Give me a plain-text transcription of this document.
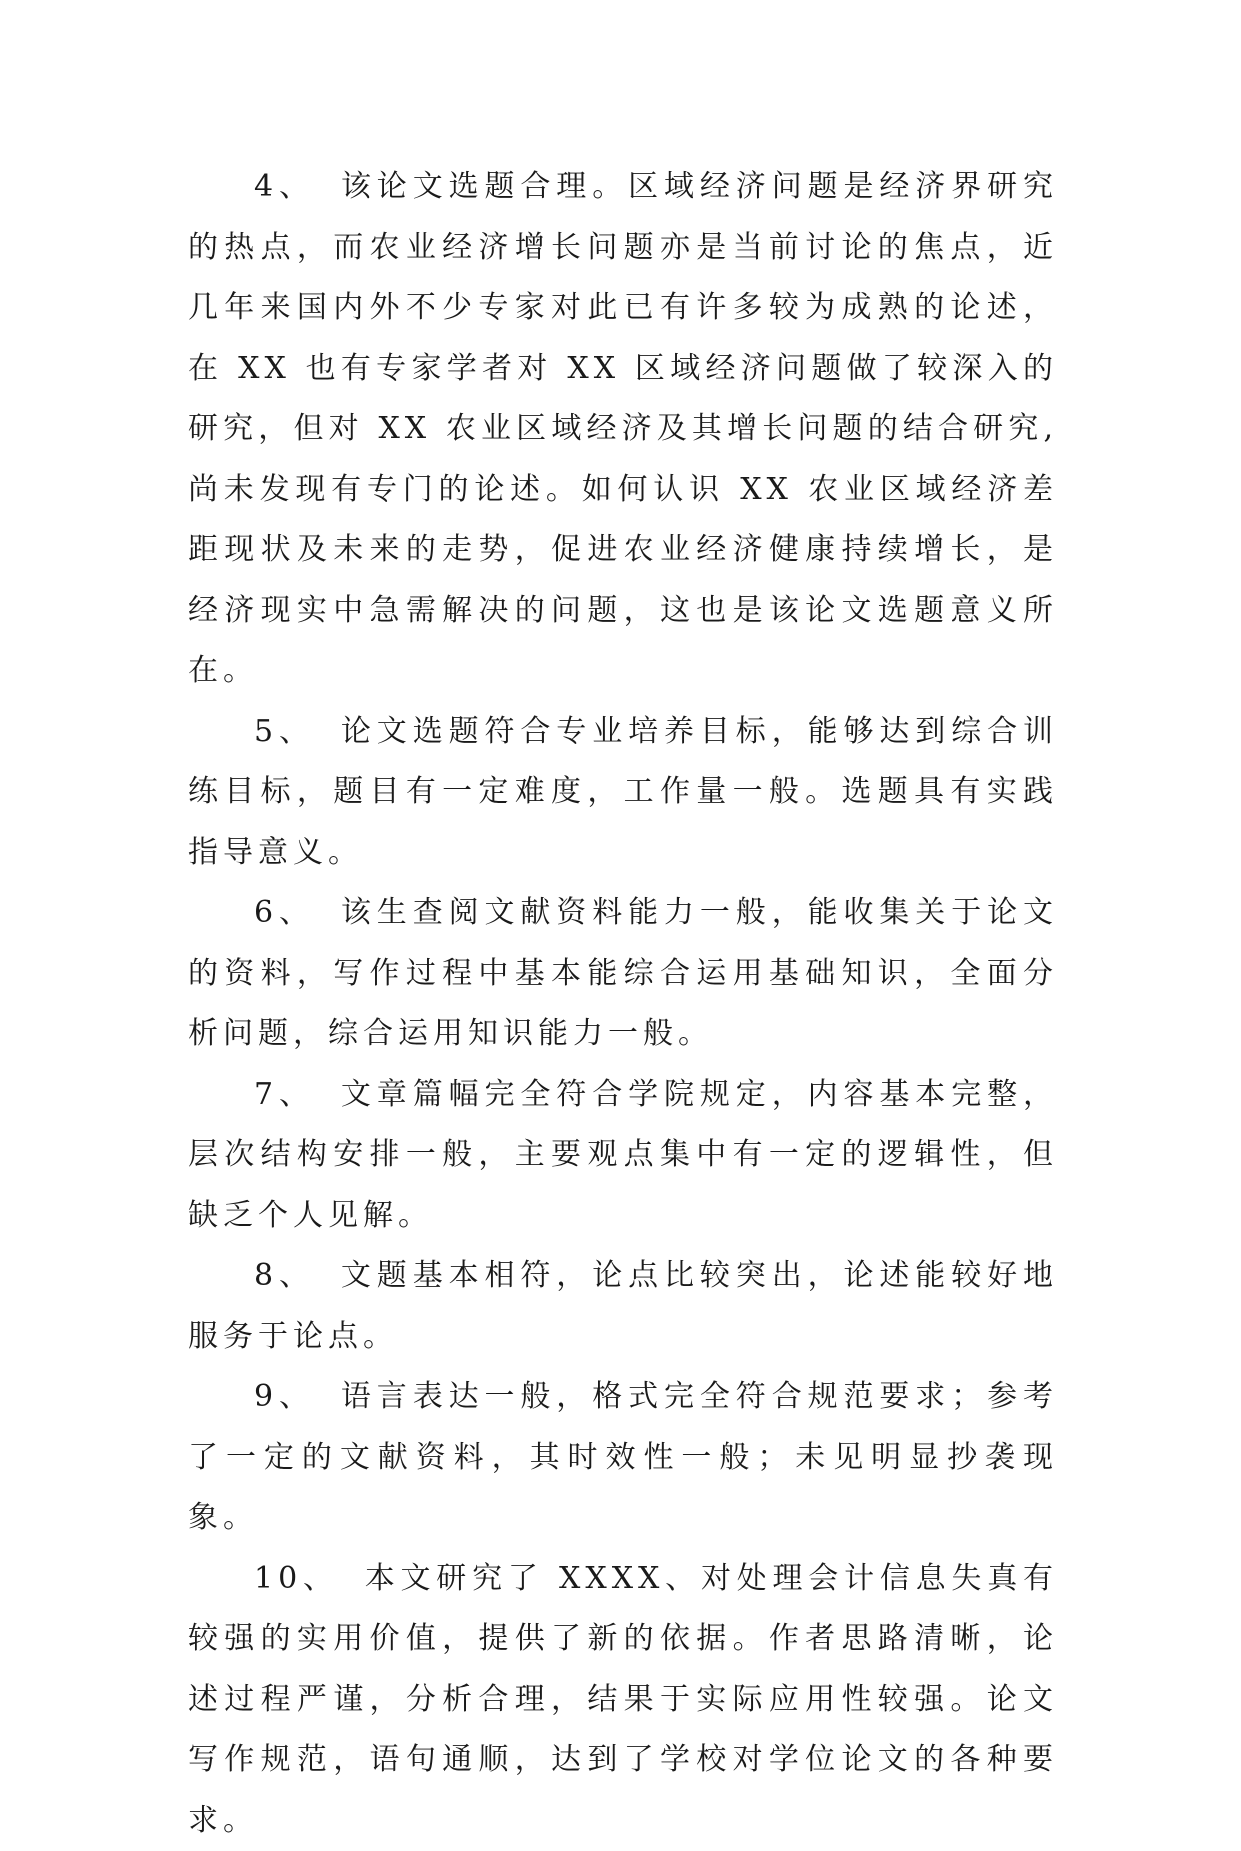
4、 该论文选题合理。区域经济问题是经济界研究的热点，而农业经济增长问题亦是当前讨论的焦点，近几年来国内外不少专家对此已有许多较为成熟的论述，在 XX 也有专家学者对 XX 区域经济问题做了较深入的研究，但对 XX 农业区域经济及其增长问题的结合研究,尚未发现有专门的论述。如何认识 XX 农业区域经济差距现状及未来的走势，促进农业经济健康持续增长，是经济现实中急需解决的问题，这也是该论文选题意义所在。

5、 论文选题符合专业培养目标，能够达到综合训练目标，题目有一定难度，工作量一般。选题具有实践指导意义。

6、 该生查阅文献资料能力一般，能收集关于论文的资料，写作过程中基本能综合运用基础知识，全面分析问题，综合运用知识能力一般。

7、 文章篇幅完全符合学院规定，内容基本完整，层次结构安排一般，主要观点集中有一定的逻辑性，但缺乏个人见解。

8、 文题基本相符，论点比较突出，论述能较好地服务于论点。

9、 语言表达一般，格式完全符合规范要求；参考了一定的文献资料，其时效性一般；未见明显抄袭现象。

10、 本文研究了 XXXX、对处理会计信息失真有较强的实用价值，提供了新的依据。作者思路清晰，论述过程严谨，分析合理，结果于实际应用性较强。论文写作规范，语句通顺，达到了学校对学位论文的各种要求。
